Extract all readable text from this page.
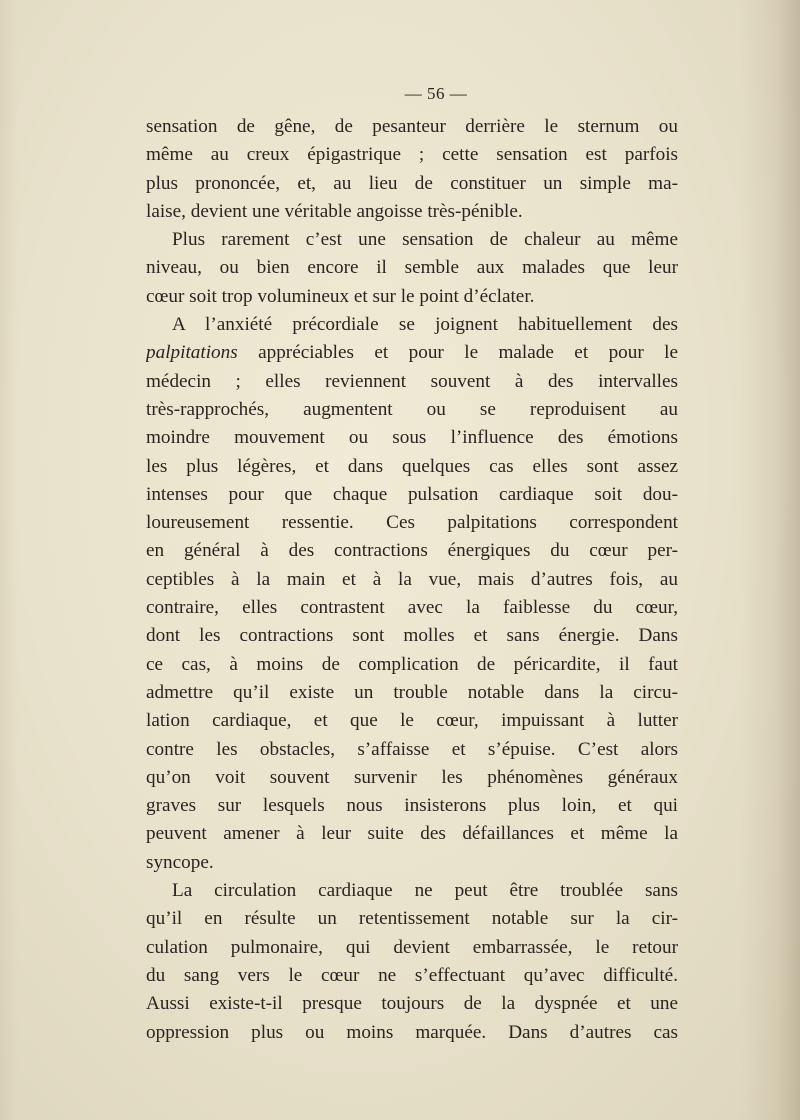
— 56 —
sensation de gêne, de pesanteur derrière le sternum ou
même au creux épigastrique ; cette sensation est parfois
plus prononcée, et, au lieu de constituer un simple ma-
laise, devient une véritable angoisse très-pénible.
Plus rarement c’est une sensation de chaleur au même
niveau, ou bien encore il semble aux malades que leur
cœur soit trop volumineux et sur le point d’éclater.
A l’anxiété précordiale se joignent habituellement des
palpitations appréciables et pour le malade et pour le
médecin ; elles reviennent souvent à des intervalles
très-rapprochés, augmentent ou se reproduisent au
moindre mouvement ou sous l’influence des émotions
les plus légères, et dans quelques cas elles sont assez
intenses pour que chaque pulsation cardiaque soit dou-
loureusement ressentie. Ces palpitations correspondent
en général à des contractions énergiques du cœur per-
ceptibles à la main et à la vue, mais d’autres fois, au
contraire, elles contrastent avec la faiblesse du cœur,
dont les contractions sont molles et sans énergie. Dans
ce cas, à moins de complication de péricardite, il faut
admettre qu’il existe un trouble notable dans la circu-
lation cardiaque, et que le cœur, impuissant à lutter
contre les obstacles, s’affaisse et s’épuise. C’est alors
qu’on voit souvent survenir les phénomènes généraux
graves sur lesquels nous insisterons plus loin, et qui
peuvent amener à leur suite des défaillances et même la
syncope.
La circulation cardiaque ne peut être troublée sans
qu’il en résulte un retentissement notable sur la cir-
culation pulmonaire, qui devient embarrassée, le retour
du sang vers le cœur ne s’effectuant qu’avec difficulté.
Aussi existe-t-il presque toujours de la dyspnée et une
oppression plus ou moins marquée. Dans d’autres cas
